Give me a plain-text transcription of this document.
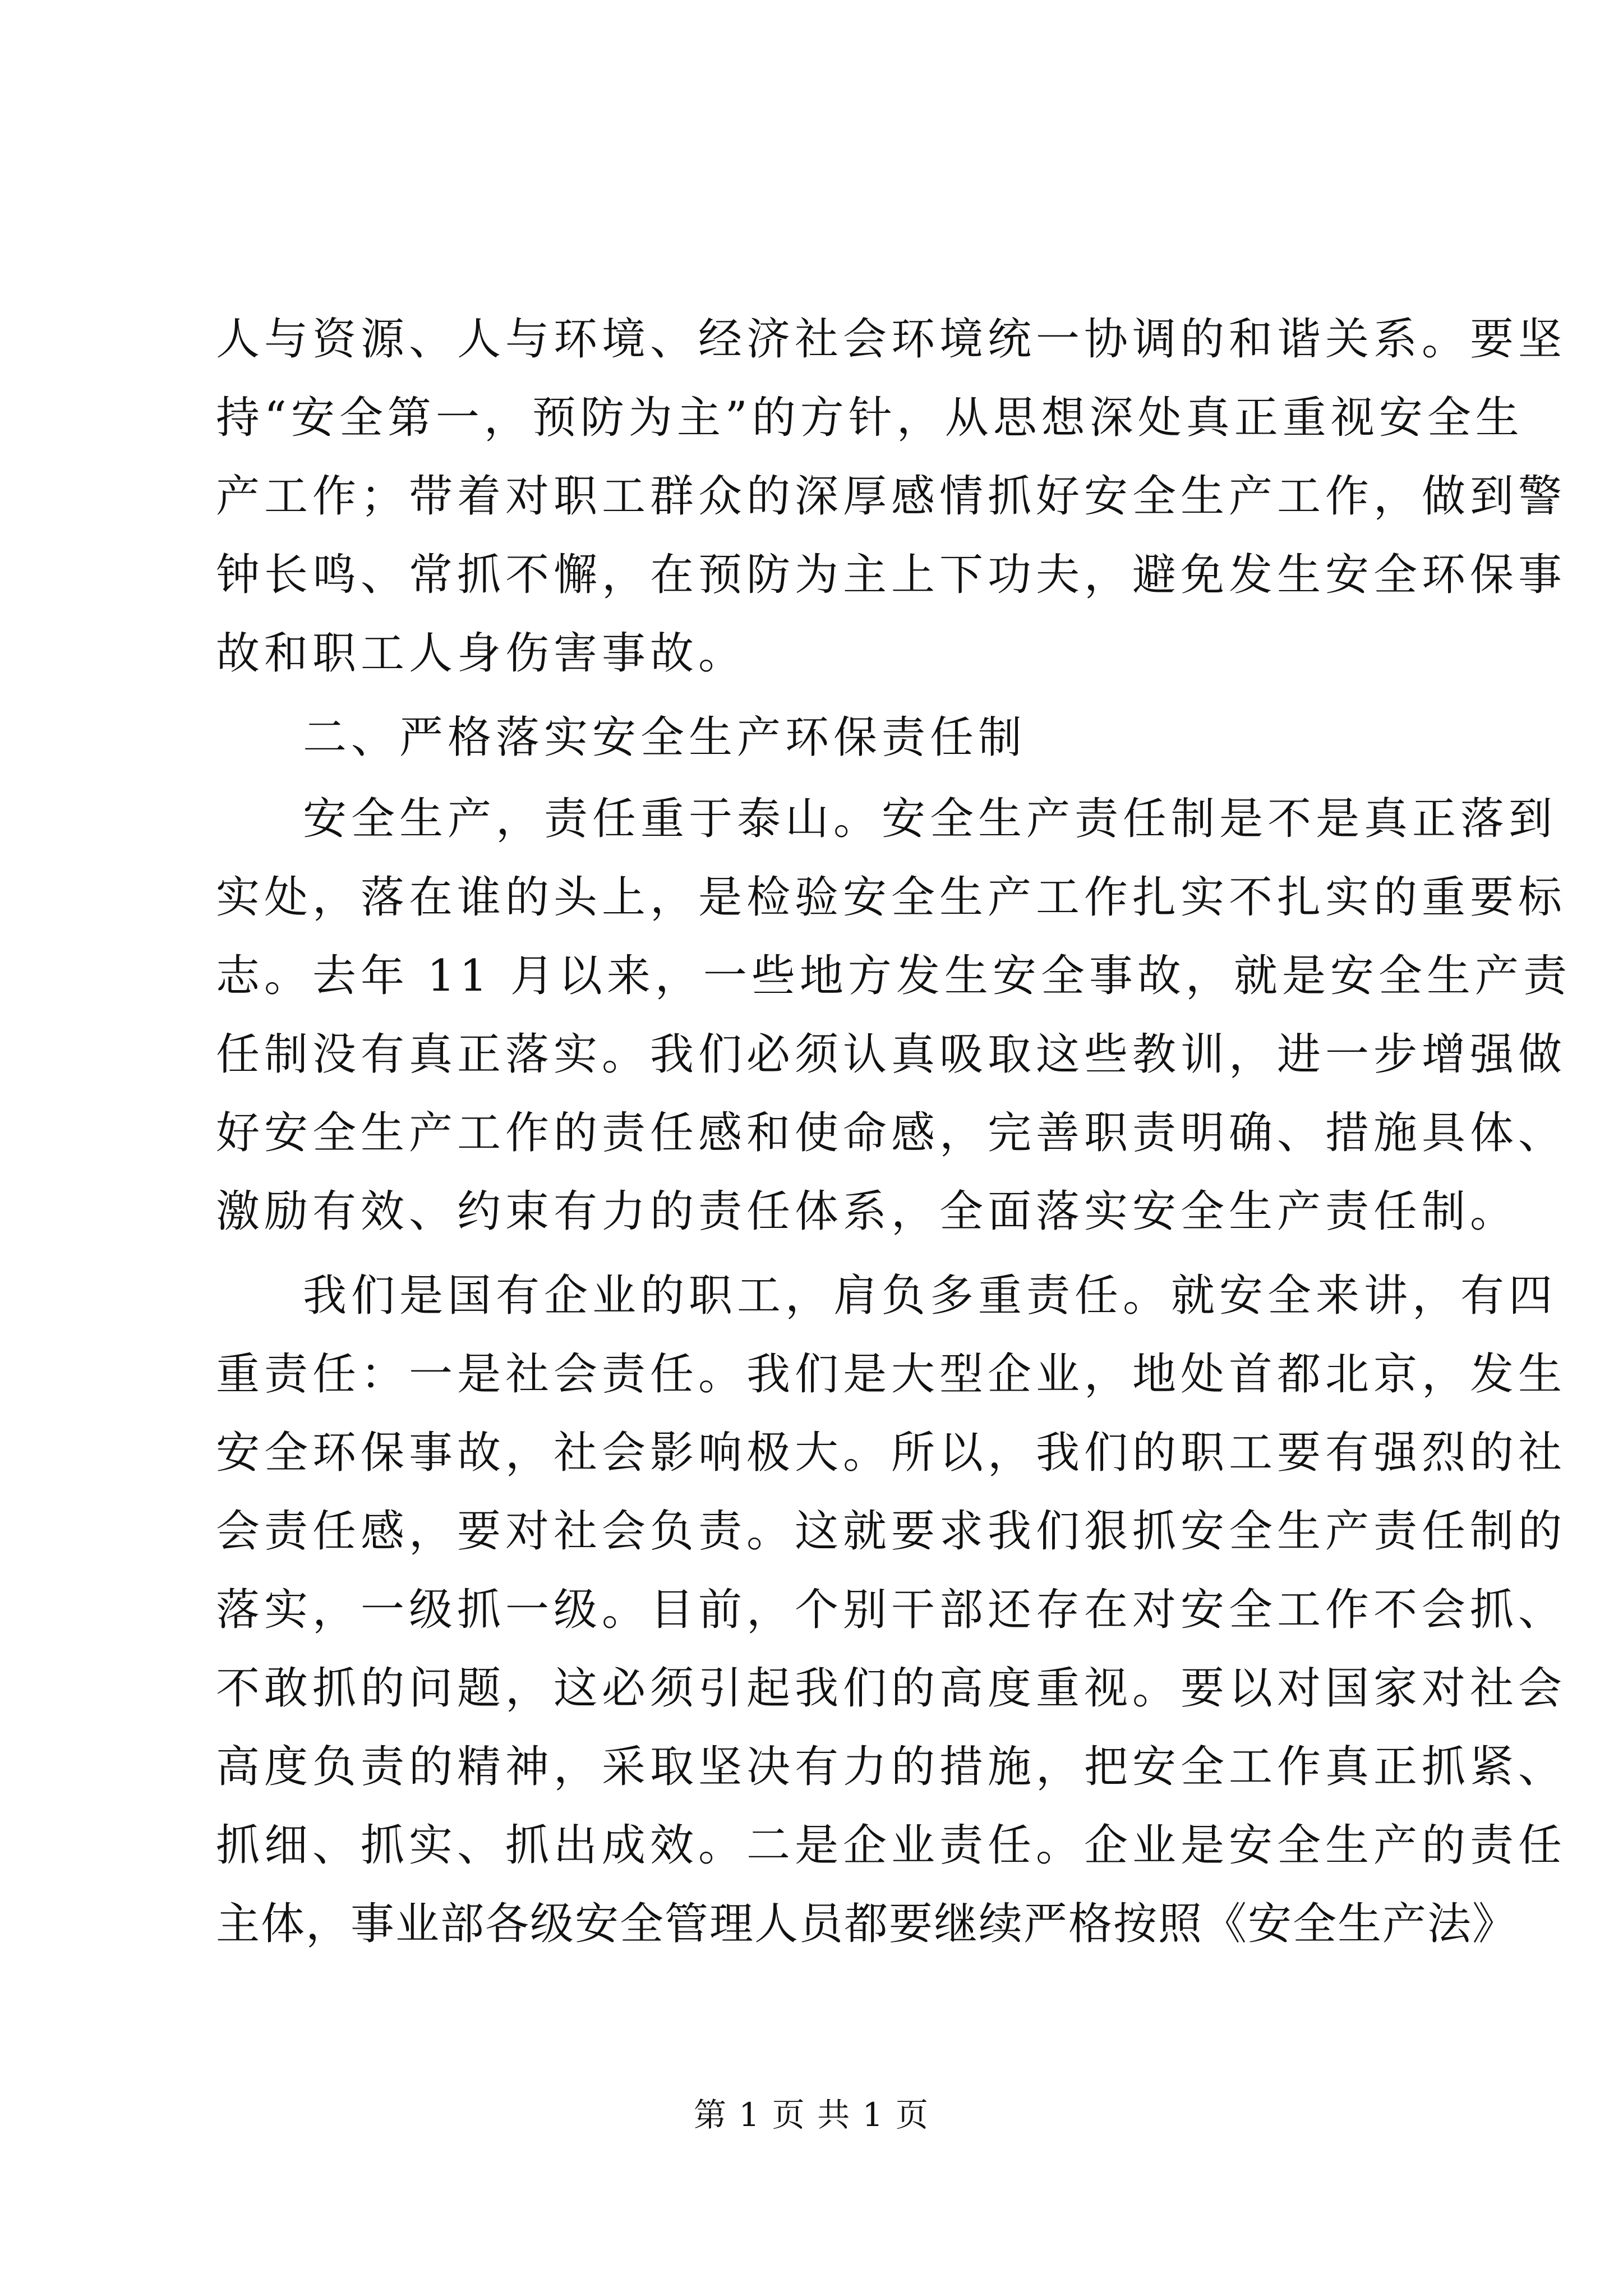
人与资源、人与环境、经济社会环境统一协调的和谐关系。要坚
持“安全第一，预防为主”的方针，从思想深处真正重视安全生
产工作；带着对职工群众的深厚感情抓好安全生产工作，做到警
钟长鸣、常抓不懈，在预防为主上下功夫，避免发生安全环保事
故和职工人身伤害事故。
二、严格落实安全生产环保责任制
安全生产，责任重于泰山。安全生产责任制是不是真正落到
实处，落在谁的头上，是检验安全生产工作扎实不扎实的重要标
志。去年 11 月以来，一些地方发生安全事故，就是安全生产责
任制没有真正落实。我们必须认真吸取这些教训，进一步增强做
好安全生产工作的责任感和使命感，完善职责明确、措施具体、
激励有效、约束有力的责任体系，全面落实安全生产责任制。
我们是国有企业的职工，肩负多重责任。就安全来讲，有四
重责任：一是社会责任。我们是大型企业，地处首都北京，发生
安全环保事故，社会影响极大。所以，我们的职工要有强烈的社
会责任感，要对社会负责。这就要求我们狠抓安全生产责任制的
落实，一级抓一级。目前，个别干部还存在对安全工作不会抓、
不敢抓的问题，这必须引起我们的高度重视。要以对国家对社会
高度负责的精神，采取坚决有力的措施，把安全工作真正抓紧、
抓细、抓实、抓出成效。二是企业责任。企业是安全生产的责任
主体，事业部各级安全管理人员都要继续严格按照《安全生产法》
第 1 页 共 1 页
